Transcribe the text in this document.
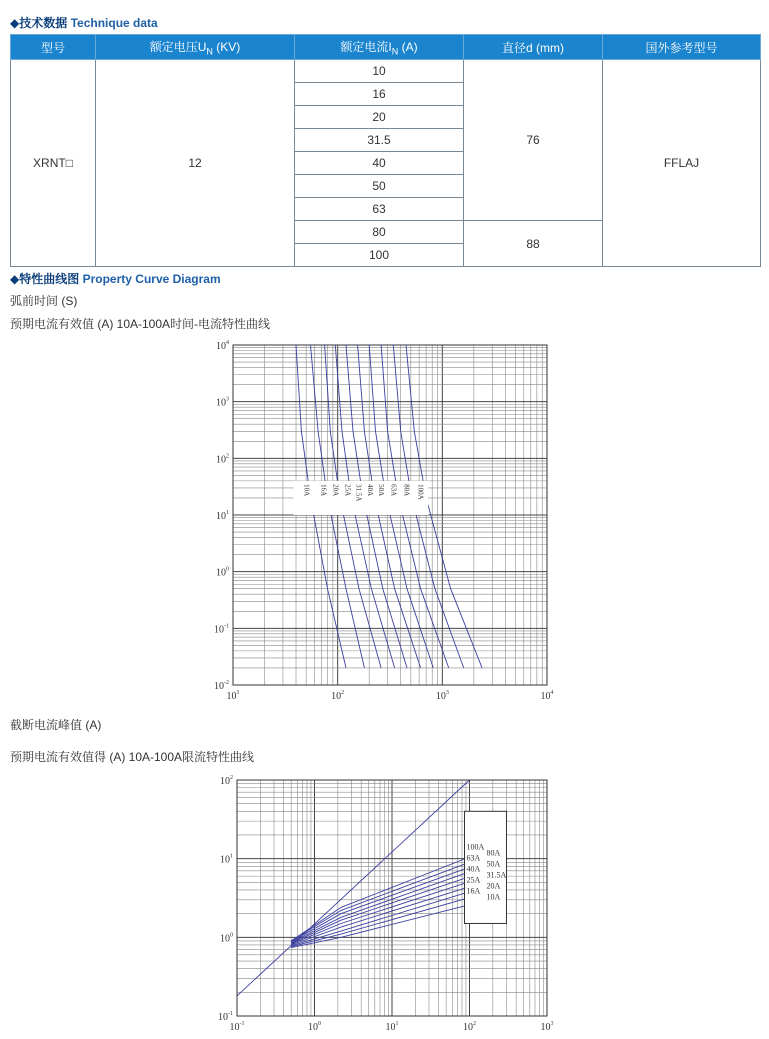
◆技术数据 Technique data
型号	额定电压$U_N$ (KV)	额定电流$I_N$ (A)	直径d (mm)	国外参考型号
XRNT□	12	10	76	FFLAJ
		16		
		20		
		31.5		
		40		
		50		
		63		
		80	88	
		100		
◆特性曲线图 Property Curve Diagram
弧前时间 (S)
预期电流有效值 (A) 10A-100A时间-电流特性曲线
$10^1$	$10^2$	$10^3$	$10^4$
$10^4$
$10^3$
$10^2$
$10^1$
$10^0$
$10^{-1}$
$10^{-2}$
10A 16A 20A 25A 31.5A 40A 50A 63A 80A 100A
截断电流峰值 (A)
预期电流有效值得 (A) 10A-100A限流特性曲线
$10^{-1}$	$10^0$	$10^1$	$10^2$	$10^3$
$10^2$
$10^1$
$10^0$
$10^{-1}$
100A
63A
40A
25A
16A
80A
50A
31.5A
20A
10A
